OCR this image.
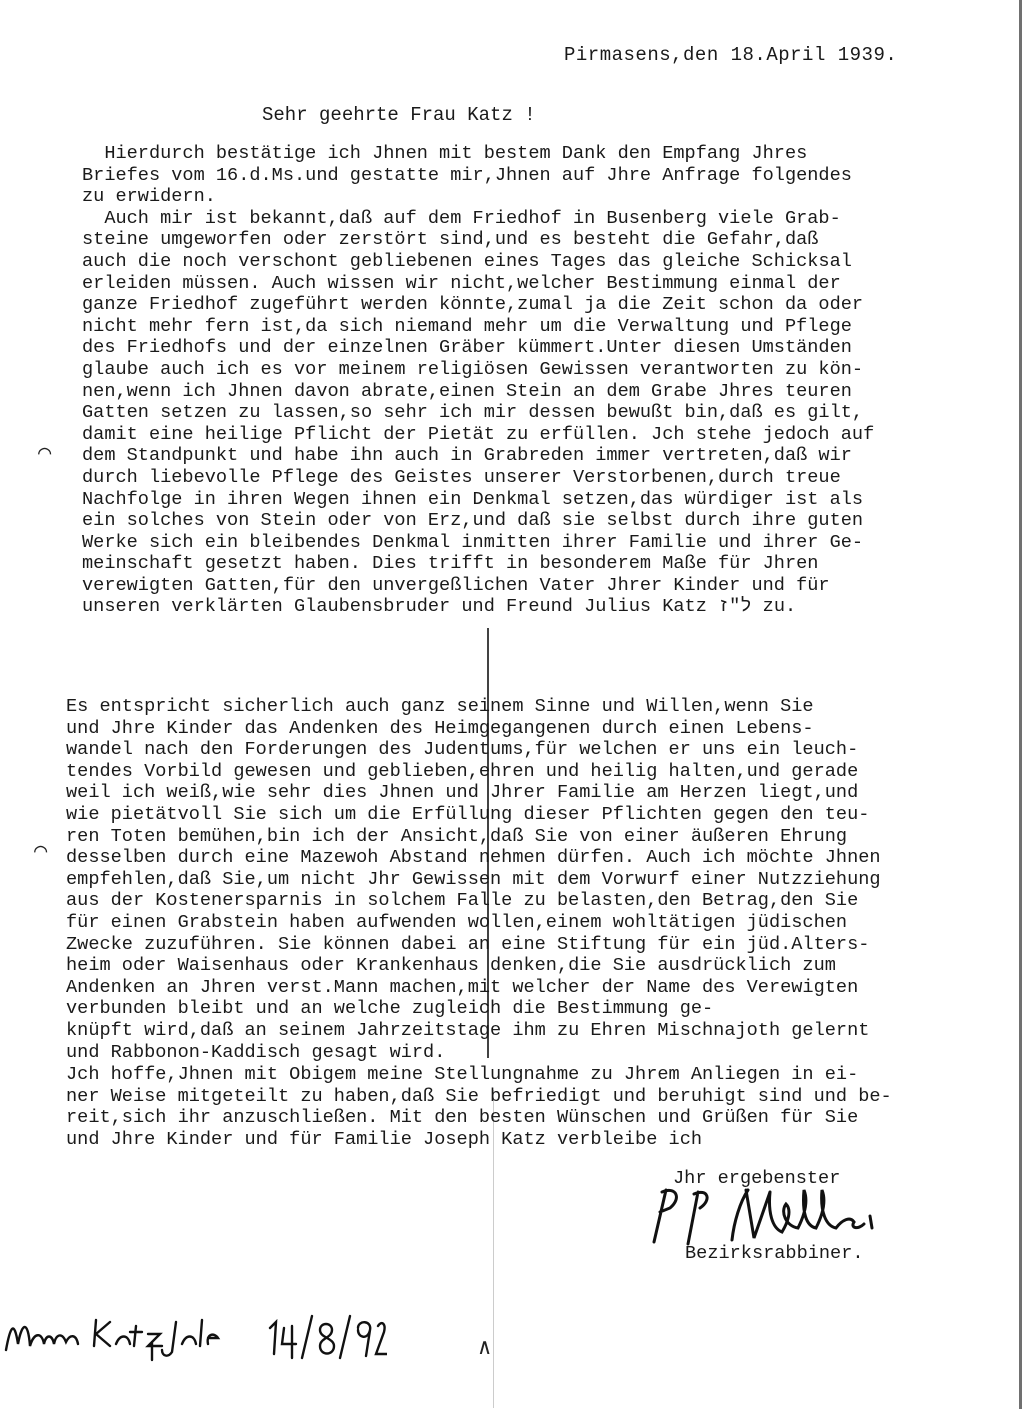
Pirmasens,den 18.April 1939.
Sehr geehrte Frau Katz !
Hierdurch bestätige ich Jhnen mit bestem Dank den Empfang Jhres
Briefes vom 16.d.Ms.und gestatte mir,Jhnen auf Jhre Anfrage folgendes
zu erwidern.
Auch mir ist bekannt,daß auf dem Friedhof in Busenberg viele Grab-
steine umgeworfen oder zerstört sind,und es besteht die Gefahr,daß
auch die noch verschont gebliebenen eines Tages das gleiche Schicksal
erleiden müssen. Auch wissen wir nicht,welcher Bestimmung einmal der
ganze Friedhof zugeführt werden könnte,zumal ja die Zeit schon da oder
nicht mehr fern ist,da sich niemand mehr um die Verwaltung und Pflege
des Friedhofs und der einzelnen Gräber kümmert.Unter diesen Umständen
glaube auch ich es vor meinem religiösen Gewissen verantworten zu kön-
nen,wenn ich Jhnen davon abrate,einen Stein an dem Grabe Jhres teuren
Gatten setzen zu lassen,so sehr ich mir dessen bewußt bin,daß es gilt,
damit eine heilige Pflicht der Pietät zu erfüllen. Jch stehe jedoch auf
dem Standpunkt und habe ihn auch in Grabreden immer vertreten,daß wir
durch liebevolle Pflege des Geistes unserer Verstorbenen,durch treue
Nachfolge in ihren Wegen ihnen ein Denkmal setzen,das würdiger ist als
ein solches von Stein oder von Erz,und daß sie selbst durch ihre guten
Werke sich ein bleibendes Denkmal inmitten ihrer Familie und ihrer Ge-
meinschaft gesetzt haben. Dies trifft in besonderem Maße für Jhren
verewigten Gatten,für den unvergeßlichen Vater Jhrer Kinder und für
unseren verklärten Glaubensbruder und Freund Julius Katz ל"ז zu.
Es entspricht sicherlich auch ganz seinem Sinne und Willen,wenn Sie
und Jhre Kinder das Andenken des Heimgegangenen durch einen Lebens-
wandel nach den Forderungen des Judentums,für welchen er uns ein leuch-
tendes Vorbild gewesen und geblieben,ehren und heilig halten,und gerade
weil ich weiß,wie sehr dies Jhnen und Jhrer Familie am Herzen liegt,und
wie pietätvoll Sie sich um die Erfüllung dieser Pflichten gegen den teu-
ren Toten bemühen,bin ich der Ansicht,daß Sie von einer äußeren Ehrung
desselben durch eine Mazewoh Abstand nehmen dürfen. Auch ich möchte Jhnen
empfehlen,daß Sie,um nicht Jhr Gewissen mit dem Vorwurf einer Nutzziehung
aus der Kostenersparnis in solchem Falle zu belasten,den Betrag,den Sie
für einen Grabstein haben aufwenden wollen,einem wohltätigen jüdischen
Zwecke zuzuführen. Sie können dabei an eine Stiftung für ein jüd.Alters-
heim oder Waisenhaus oder Krankenhaus denken,die Sie ausdrücklich zum
Andenken an Jhren verst.Mann machen,mit welcher der Name des Verewigten
verbunden bleibt und an welche zugleich die Bestimmung ge-
knüpft wird,daß an seinem Jahrzeitstage ihm zu Ehren Mischnajoth gelernt
und Rabbonon-Kaddisch gesagt wird.
Jch hoffe,Jhnen mit Obigem meine Stellungnahme zu Jhrem Anliegen in ei-
ner Weise mitgeteilt zu haben,daß Sie befriedigt und beruhigt sind und be-
reit,sich ihr anzuschließen. Mit den besten Wünschen und Grüßen für Sie
und Jhre Kinder und für Familie Joseph Katz verbleibe ich
Jhr ergebenster
Bezirksrabbiner.
⌒
⌒
∧
